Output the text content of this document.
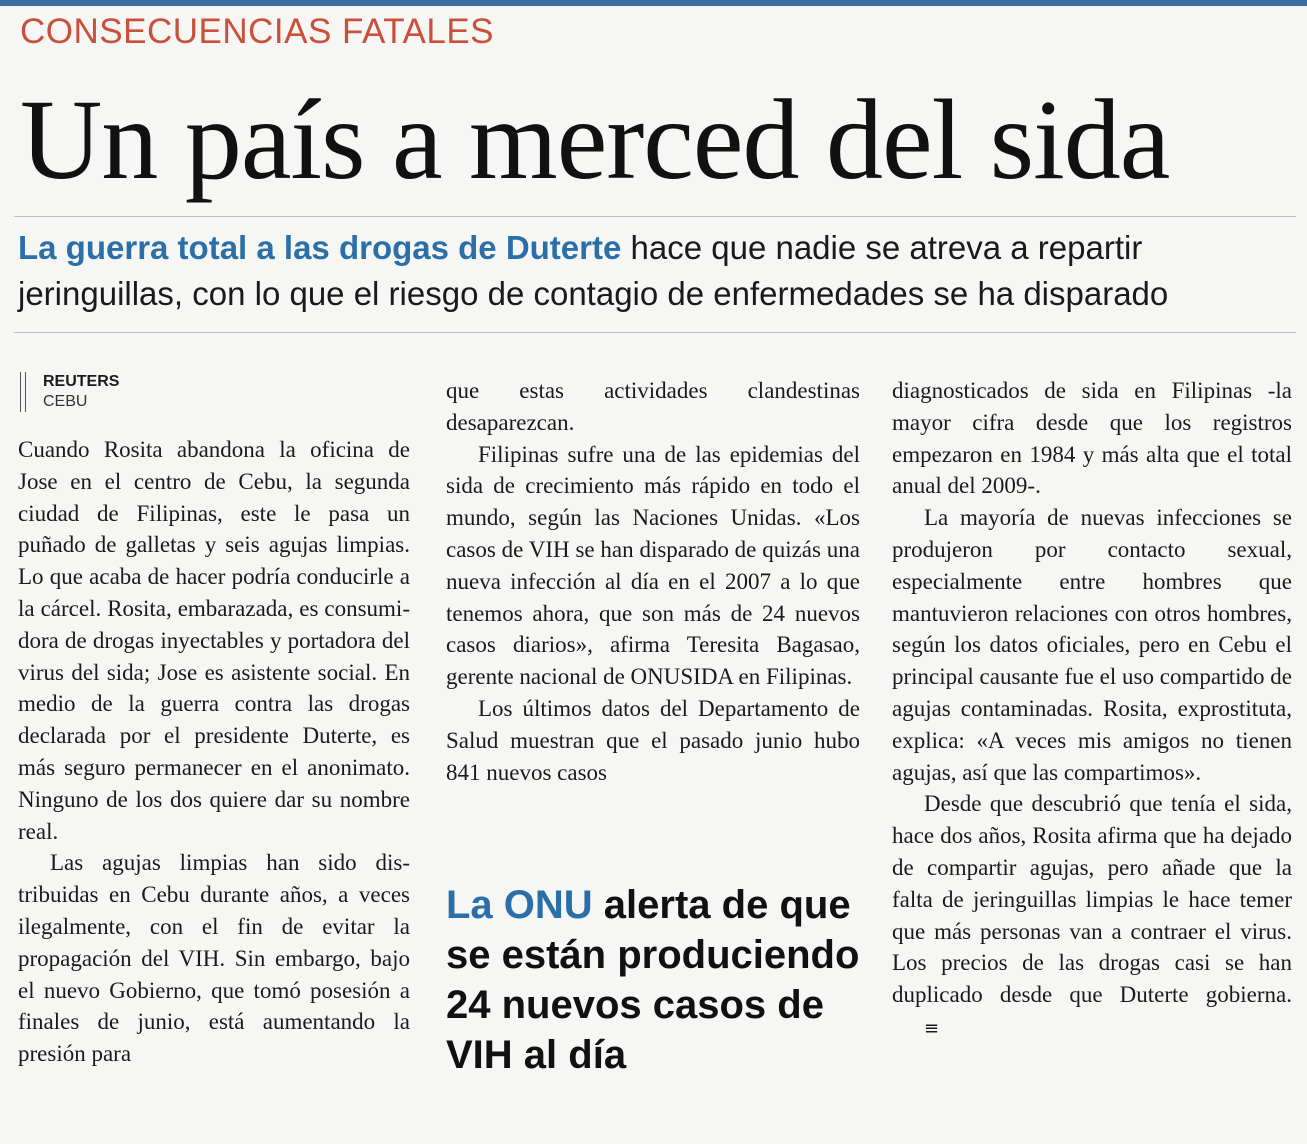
CONSECUENCIAS FATALES
Un país a merced del sida
La guerra total a las drogas de Duterte hace que nadie se atreva a repartir jeringuillas, con lo que el riesgo de contagio de enfermedades se ha disparado
REUTERS
CEBU

Cuando Rosita abandona la oficina de Jose en el centro de Cebu, la segunda ciudad de Filipinas, este le pasa un puñado de galletas y seis agujas limpias. Lo que acaba de hacer podría conducirle a la cárcel. Rosita, embarazada, es consumidora de drogas inyectables y portadora del virus del sida; Jose es asistente social. En medio de la guerra contra las drogas declarada por el presidente Duterte, es más seguro permanecer en el anonimato. Ninguno de los dos quiere dar su nombre real.

Las agujas limpias han sido distribuidas en Cebu durante años, a veces ilegalmente, con el fin de evitar la propagación del VIH. Sin embargo, bajo el nuevo Gobierno, que tomó posesión a finales de junio, está aumentando la presión para

que estas actividades clandestinas desaparezcan.

Filipinas sufre una de las epidemias del sida de crecimiento más rápido en todo el mundo, según las Naciones Unidas. «Los casos de VIH se han disparado de quizás una nueva infección al día en el 2007 a lo que tenemos ahora, que son más de 24 nuevos casos diarios», afirma Teresita Bagasao, gerente nacional de ONUSIDA en Filipinas.

Los últimos datos del Departamento de Salud muestran que el pasado junio hubo 841 nuevos casos

La ONU alerta de que se están produciendo 24 nuevos casos de VIH al día

diagnosticados de sida en Filipinas -la mayor cifra desde que los registros empezaron en 1984 y más alta que el total anual del 2009-.

La mayoría de nuevas infecciones se produjeron por contacto sexual, especialmente entre hombres que mantuvieron relaciones con otros hombres, según los datos oficiales, pero en Cebu el principal causante fue el uso compartido de agujas contaminadas. Rosita, exprostituta, explica: «A veces mis amigos no tienen agujas, así que las compartimos».

Desde que descubrió que tenía el sida, hace dos años, Rosita afirma que ha dejado de compartir agujas, pero añade que la falta de jeringuillas limpias le hace temer que más personas van a contraer el virus. Los precios de las drogas casi se han duplicado desde que Duterte gobierna. ≡
